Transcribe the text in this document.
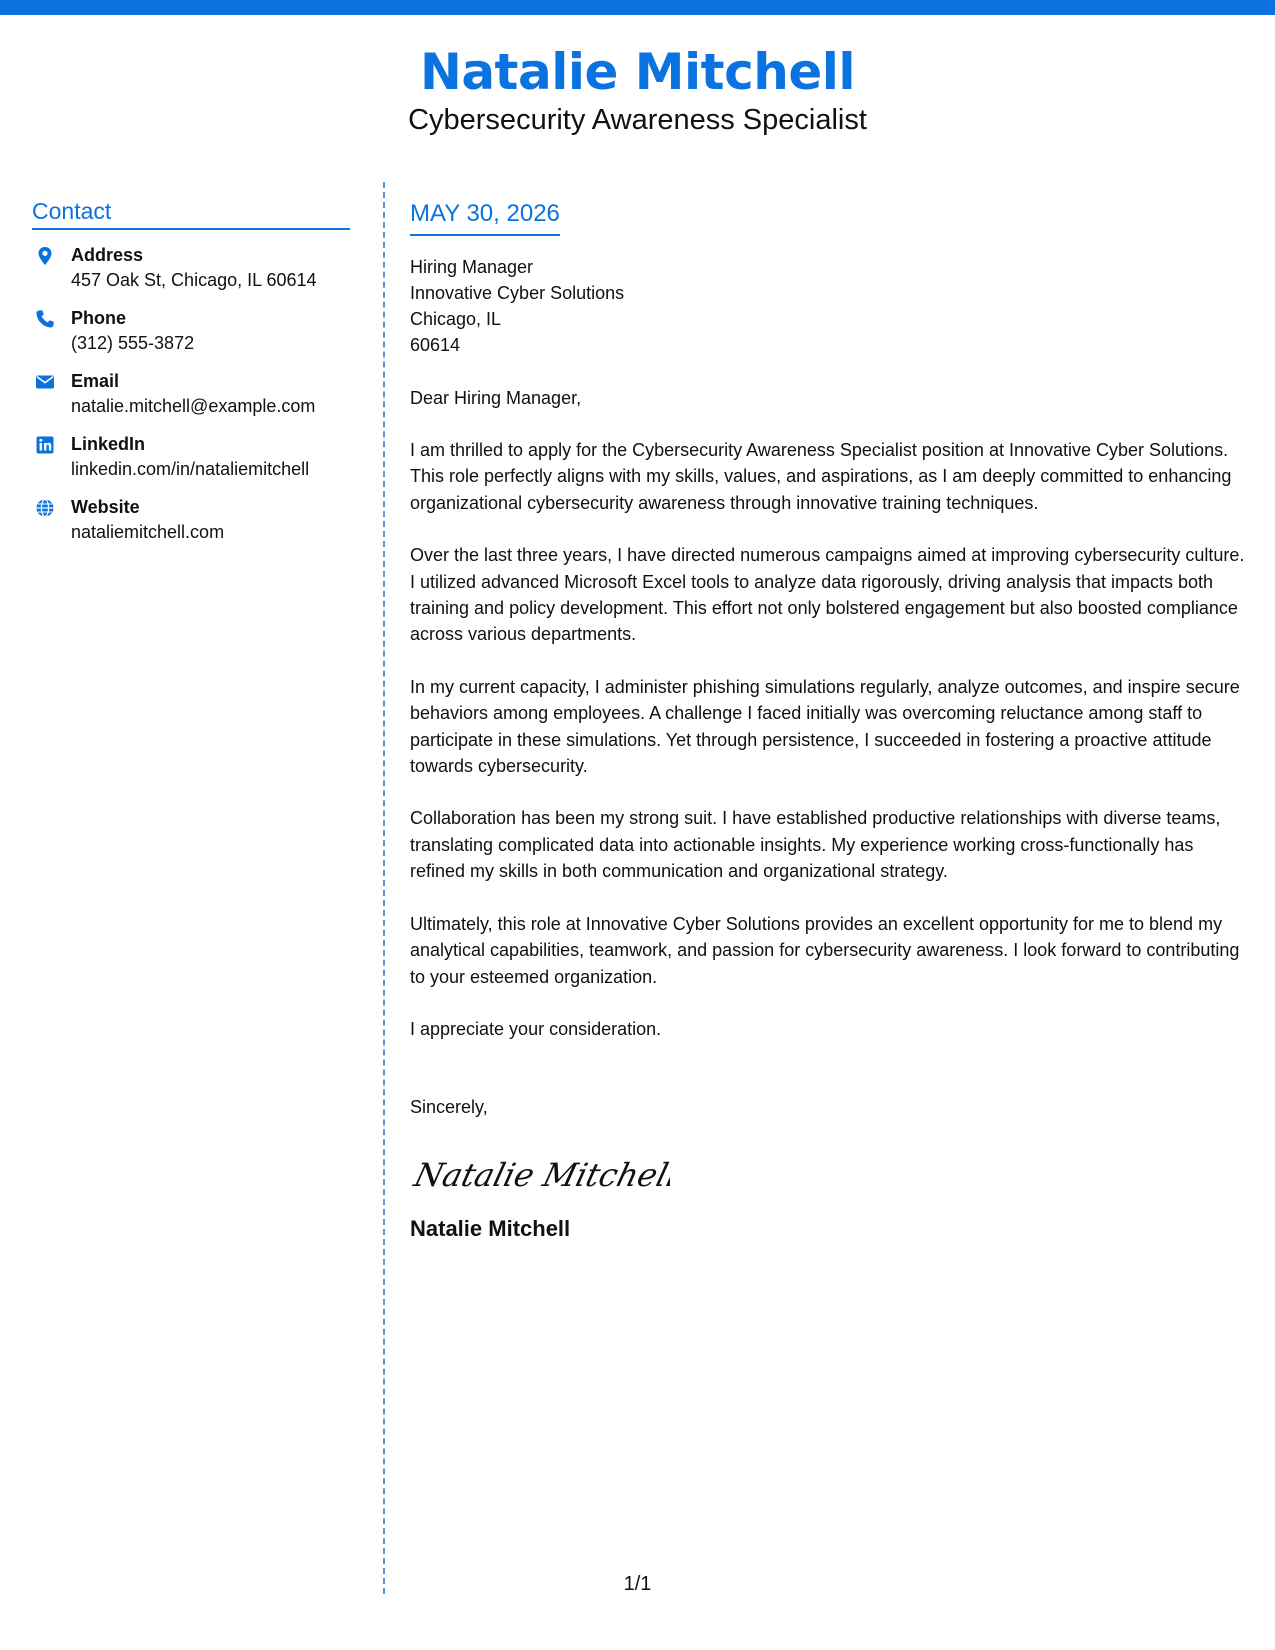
Natalie Mitchell
Cybersecurity Awareness Specialist
Contact
Address
457 Oak St, Chicago, IL 60614
Phone
(312) 555-3872
Email
natalie.mitchell@example.com
LinkedIn
linkedin.com/in/nataliemitchell
Website
nataliemitchell.com
MAY 30, 2026
Hiring Manager
Innovative Cyber Solutions
Chicago, IL
60614
Dear Hiring Manager,
I am thrilled to apply for the Cybersecurity Awareness Specialist position at Innovative Cyber Solutions. This role perfectly aligns with my skills, values, and aspirations, as I am deeply committed to enhancing organizational cybersecurity awareness through innovative training techniques.
Over the last three years, I have directed numerous campaigns aimed at improving cybersecurity culture. I utilized advanced Microsoft Excel tools to analyze data rigorously, driving analysis that impacts both training and policy development. This effort not only bolstered engagement but also boosted compliance across various departments.
In my current capacity, I administer phishing simulations regularly, analyze outcomes, and inspire secure behaviors among employees. A challenge I faced initially was overcoming reluctance among staff to participate in these simulations. Yet through persistence, I succeeded in fostering a proactive attitude towards cybersecurity.
Collaboration has been my strong suit. I have established productive relationships with diverse teams, translating complicated data into actionable insights. My experience working cross-functionally has refined my skills in both communication and organizational strategy.
Ultimately, this role at Innovative Cyber Solutions provides an excellent opportunity for me to blend my analytical capabilities, teamwork, and passion for cybersecurity awareness. I look forward to contributing to your esteemed organization.
I appreciate your consideration.
Sincerely,
Natalie Mitchell
Natalie Mitchell
1/1
